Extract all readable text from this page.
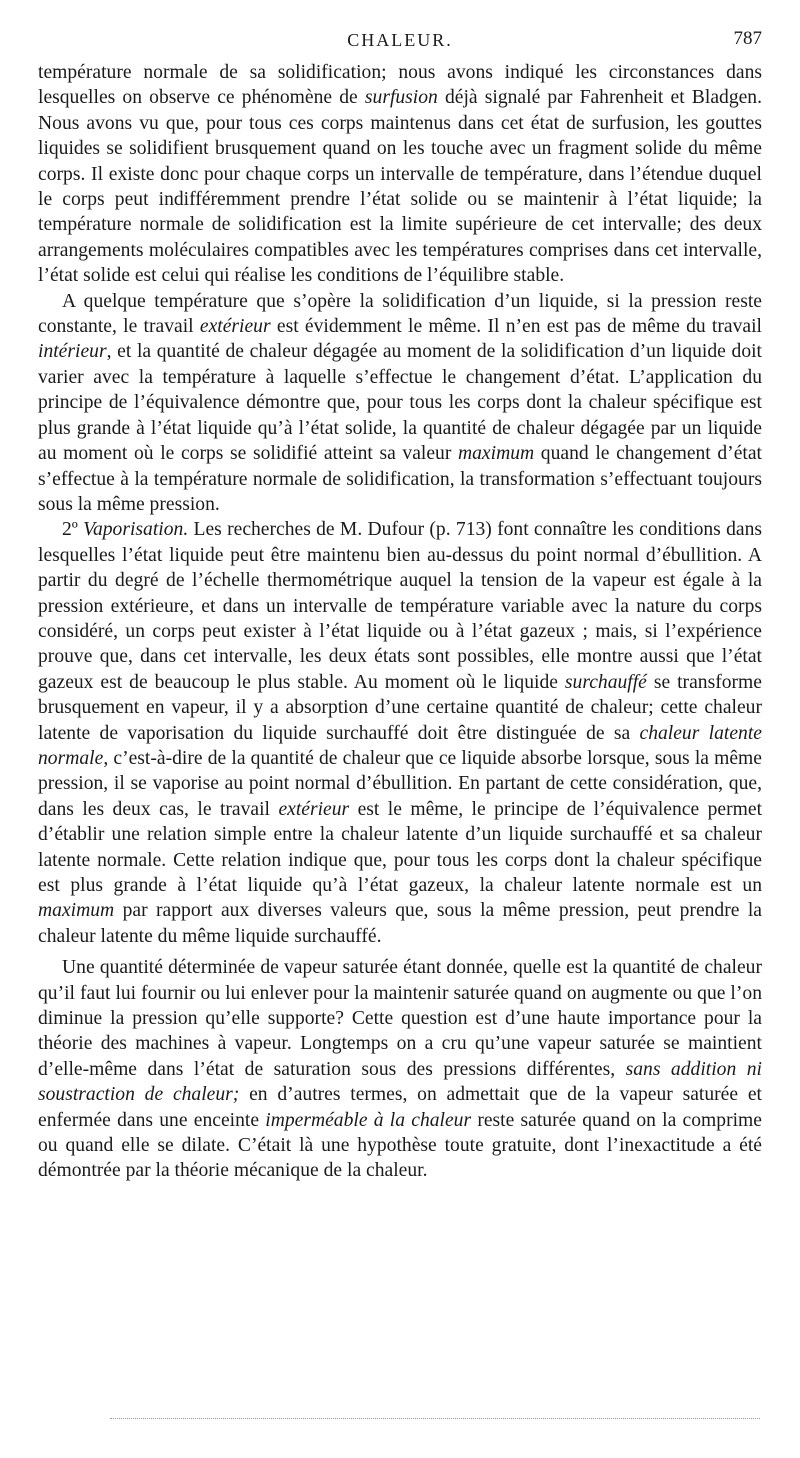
CHALEUR.	787

température normale de sa solidification; nous avons indiqué les circonstances dans lesquelles on observe ce phénomène de surfusion déjà signalé par Fahrenheit et Bladgen. Nous avons vu que, pour tous ces corps maintenus dans cet état de surfusion, les gouttes liquides se solidifient brusquement quand on les touche avec un fragment solide du même corps. Il existe donc pour chaque corps un intervalle de température, dans l’étendue duquel le corps peut indifféremment prendre l’état solide ou se maintenir à l’état liquide; la température normale de solidification est la limite supérieure de cet intervalle; des deux arrangements moléculaires compatibles avec les températures comprises dans cet intervalle, l’état solide est celui qui réalise les conditions de l’équilibre stable.

A quelque température que s’opère la solidification d’un liquide, si la pression reste constante, le travail extérieur est évidemment le même. Il n’en est pas de même du travail intérieur, et la quantité de chaleur dégagée au moment de la solidification d’un liquide doit varier avec la température à laquelle s’effectue le changement d’état. L’application du principe de l’équivalence démontre que, pour tous les corps dont la chaleur spécifique est plus grande à l’état liquide qu’à l’état solide, la quantité de chaleur dégagée par un liquide au moment où le corps se solidifié atteint sa valeur maximum quand le changement d’état s’effectue à la température normale de solidification, la transformation s’effectuant toujours sous la même pression.

2º Vaporisation. Les recherches de M. Dufour (p. 713) font connaître les conditions dans lesquelles l’état liquide peut être maintenu bien au-dessus du point normal d’ébullition. A partir du degré de l’échelle thermométrique auquel la tension de la vapeur est égale à la pression extérieure, et dans un intervalle de température variable avec la nature du corps considéré, un corps peut exister à l’état liquide ou à l’état gazeux ; mais, si l’expérience prouve que, dans cet intervalle, les deux états sont possibles, elle montre aussi que l’état gazeux est de beaucoup le plus stable. Au moment où le liquide surchauffé se transforme brusquement en vapeur, il y a absorption d’une certaine quantité de chaleur; cette chaleur latente de vaporisation du liquide surchauffé doit être distinguée de sa chaleur latente normale, c’est-à-dire de la quantité de chaleur que ce liquide absorbe lorsque, sous la même pression, il se vaporise au point normal d’ébullition. En partant de cette considération, que, dans les deux cas, le travail extérieur est le même, le principe de l’équivalence permet d’établir une relation simple entre la chaleur latente d’un liquide surchauffé et sa chaleur latente normale. Cette relation indique que, pour tous les corps dont la chaleur spécifique est plus grande à l’état liquide qu’à l’état gazeux, la chaleur latente normale est un maximum par rapport aux diverses valeurs que, sous la même pression, peut prendre la chaleur latente du même liquide surchauffé.

Une quantité déterminée de vapeur saturée étant donnée, quelle est la quantité de chaleur qu’il faut lui fournir ou lui enlever pour la maintenir saturée quand on augmente ou que l’on diminue la pression qu’elle supporte? Cette question est d’une haute importance pour la théorie des machines à vapeur. Longtemps on a cru qu’une vapeur saturée se maintient d’elle-même dans l’état de saturation sous des pressions différentes, sans addition ni soustraction de chaleur; en d’autres termes, on admettait que de la vapeur saturée et enfermée dans une enceinte imperméable à la chaleur reste saturée quand on la comprime ou quand elle se dilate. C’était là une hypothèse toute gratuite, dont l’inexactitude a été démontrée par la théorie mécanique de la chaleur.
